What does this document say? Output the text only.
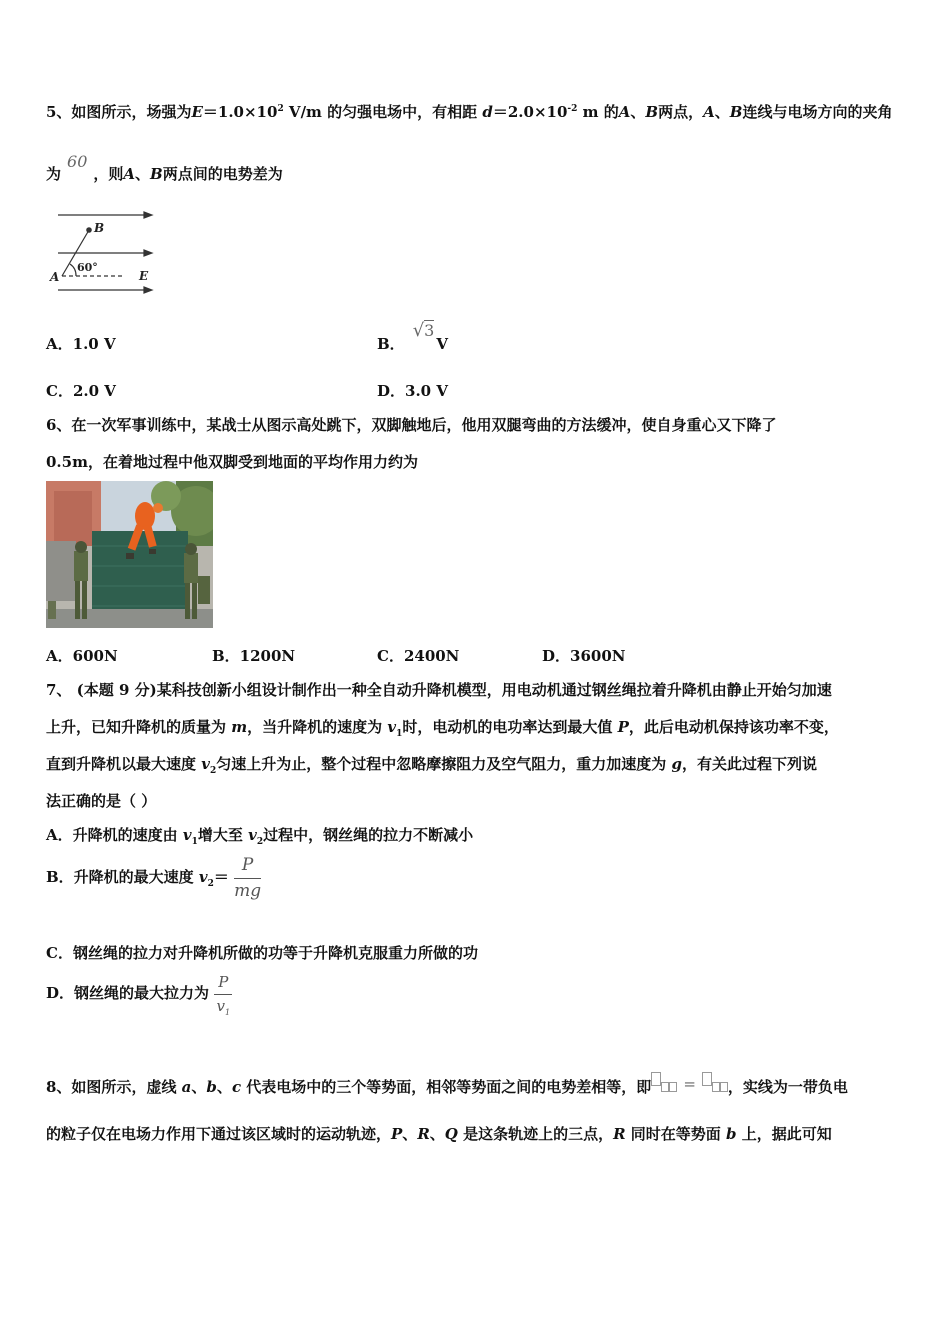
5、如图所示，场强为$E=1.0\times 10^2$ V/m 的匀强电场中，有相距 $d=2.0\times 10^{-2}$ m 的A、B两点，A、B连线与电场方向的夹角
为60，则A、B两点间的电势差为
B
A	E
60°
A．1.0 V	B．√3V
C．2.0 V	D．3.0 V
6、在一次军事训练中，某战士从图示高处跳下，双脚触地后，他用双腿弯曲的方法缓冲，使自身重心又下降了
0.5m，在着地过程中他双脚受到地面的平均作用力约为
A．600N	B．1200N	C．2400N	D．3600N
7、 (本题 9 分)某科技创新小组设计制作出一种全自动升降机模型，用电动机通过钢丝绳拉着升降机由静止开始匀加速
上升，已知升降机的质量为 m，当升降机的速度为 $v_1$时，电动机的电功率达到最大值 P，此后电动机保持该功率不变，
直到升降机以最大速度 $v_2$匀速上升为止，整个过程中忽略摩擦阻力及空气阻力，重力加速度为 g，有关此过程下列说
法正确的是（ ）
A．升降机的速度由 $v_1$增大至 $v_2$过程中，钢丝绳的拉力不断减小
B．升降机的最大速度 $v_2= \frac{P}{mg}$
C．钢丝绳的拉力对升降机所做的功等于升降机克服重力所做的功
D．钢丝绳的最大拉力为 $\frac{P}{v_1}$
8、如图所示，虚线 a、b、c 代表电场中的三个等势面，相邻等势面之间的电势差相等，即 = ，实线为一带负电
的粒子仅在电场力作用下通过该区域时的运动轨迹，P、R、Q 是这条轨迹上的三点，R 同时在等势面 b 上，据此可知
